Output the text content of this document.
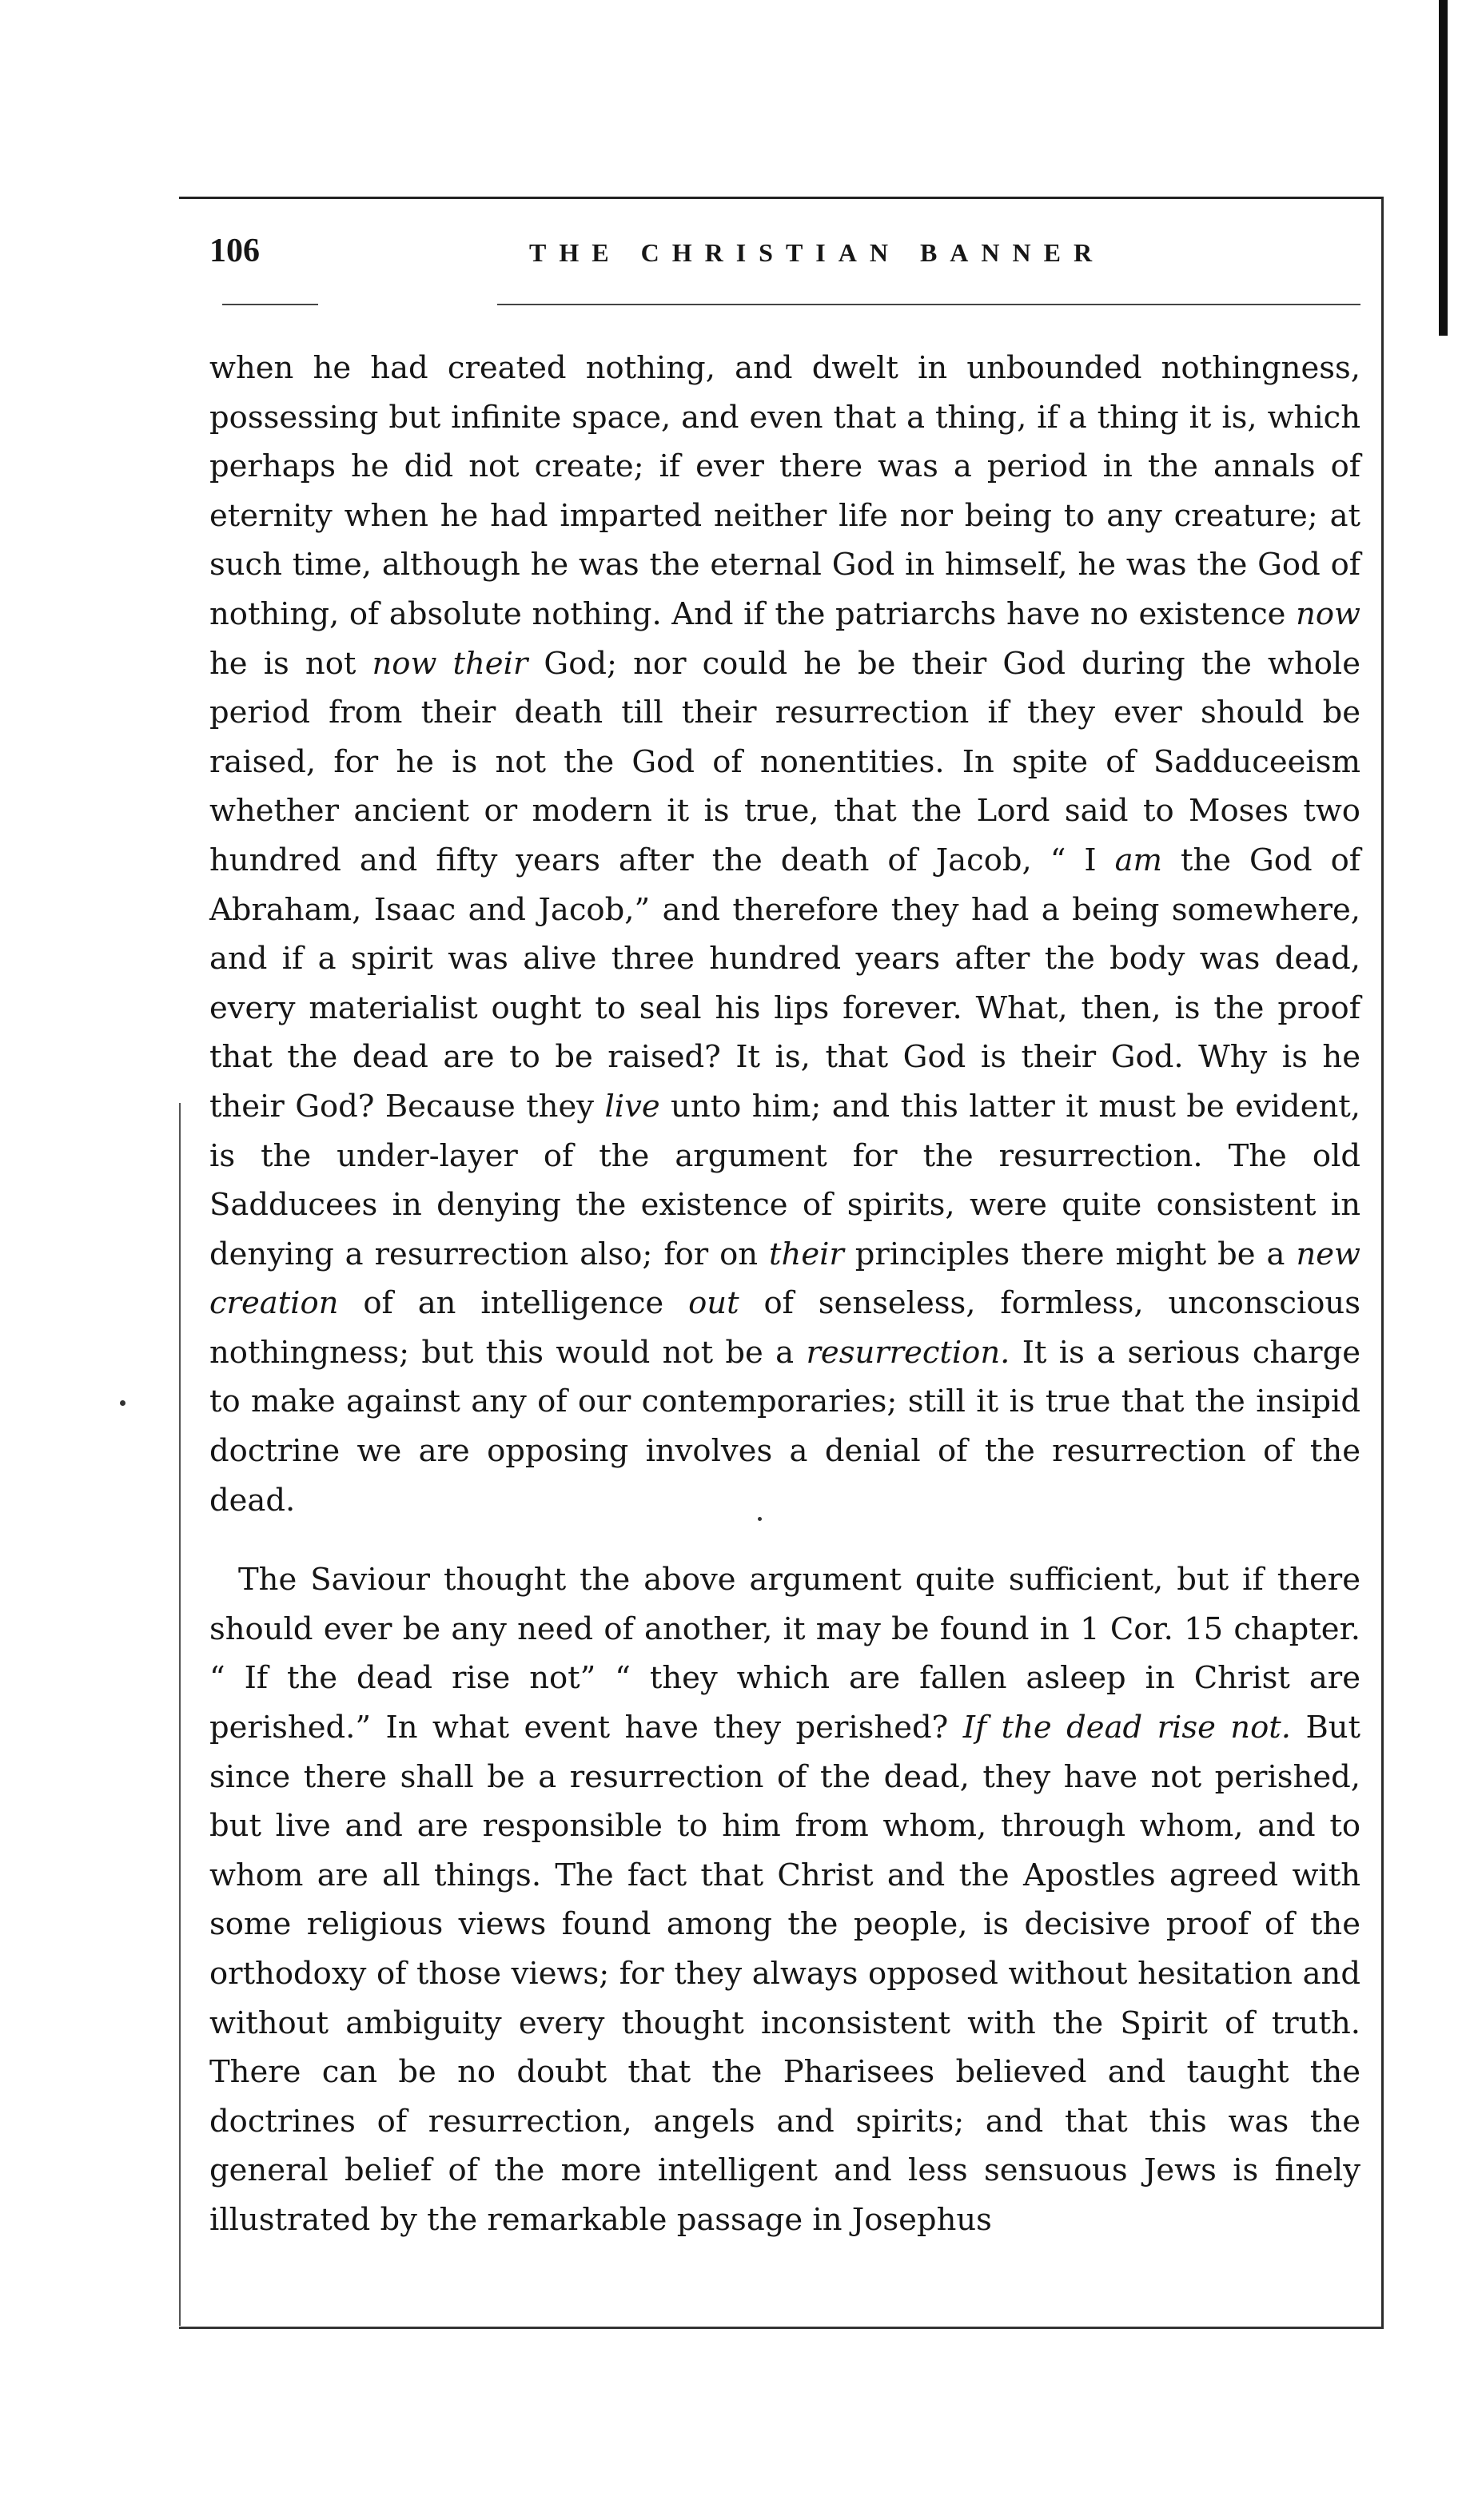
106	THE CHRISTIAN BANNER

when he had created nothing, and dwelt in unbounded nothingness, possessing but infinite space, and even that a thing, if a thing it is, which perhaps he did not create; if ever there was a period in the annals of eternity when he had imparted neither life nor being to any creature; at such time, although he was the eternal God in himself, he was the God of nothing, of absolute nothing. And if the patriarchs have no existence now he is not now their God; nor could he be their God during the whole period from their death till their resurrection if they ever should be raised, for he is not the God of nonentities. In spite of Sadduceeism whether ancient or modern it is true, that the Lord said to Moses two hundred and fifty years after the death of Jacob, “ I am the God of Abraham, Isaac and Jacob,” and therefore they had a being somewhere, and if a spirit was alive three hundred years after the body was dead, every materialist ought to seal his lips forever. What, then, is the proof that the dead are to be raised? It is, that God is their God. Why is he their God? Because they live unto him; and this latter it must be evident, is the under-layer of the argument for the resurrection. The old Sadducees in denying the existence of spirits, were quite consistent in denying a resurrection also; for on their principles there might be a new creation of an intelligence out of senseless, formless, unconscious nothingness; but this would not be a resurrection. It is a serious charge to make against any of our contemporaries; still it is true that the insipid doctrine we are opposing involves a denial of the resurrection of the dead.

The Saviour thought the above argument quite sufficient, but if there should ever be any need of another, it may be found in 1 Cor. 15 chapter. “ If the dead rise not” “ they which are fallen asleep in Christ are perished.” In what event have they perished? If the dead rise not. But since there shall be a resurrection of the dead, they have not perished, but live and are responsible to him from whom, through whom, and to whom are all things. The fact that Christ and the Apostles agreed with some religious views found among the people, is decisive proof of the orthodoxy of those views; for they always opposed without hesitation and without ambiguity every thought inconsistent with the Spirit of truth. There can be no doubt that the Pharisees believed and taught the doctrines of resurrection, angels and spirits; and that this was the general belief of the more intelligent and less sensuous Jews is finely illustrated by the remarkable passage in Josephus
